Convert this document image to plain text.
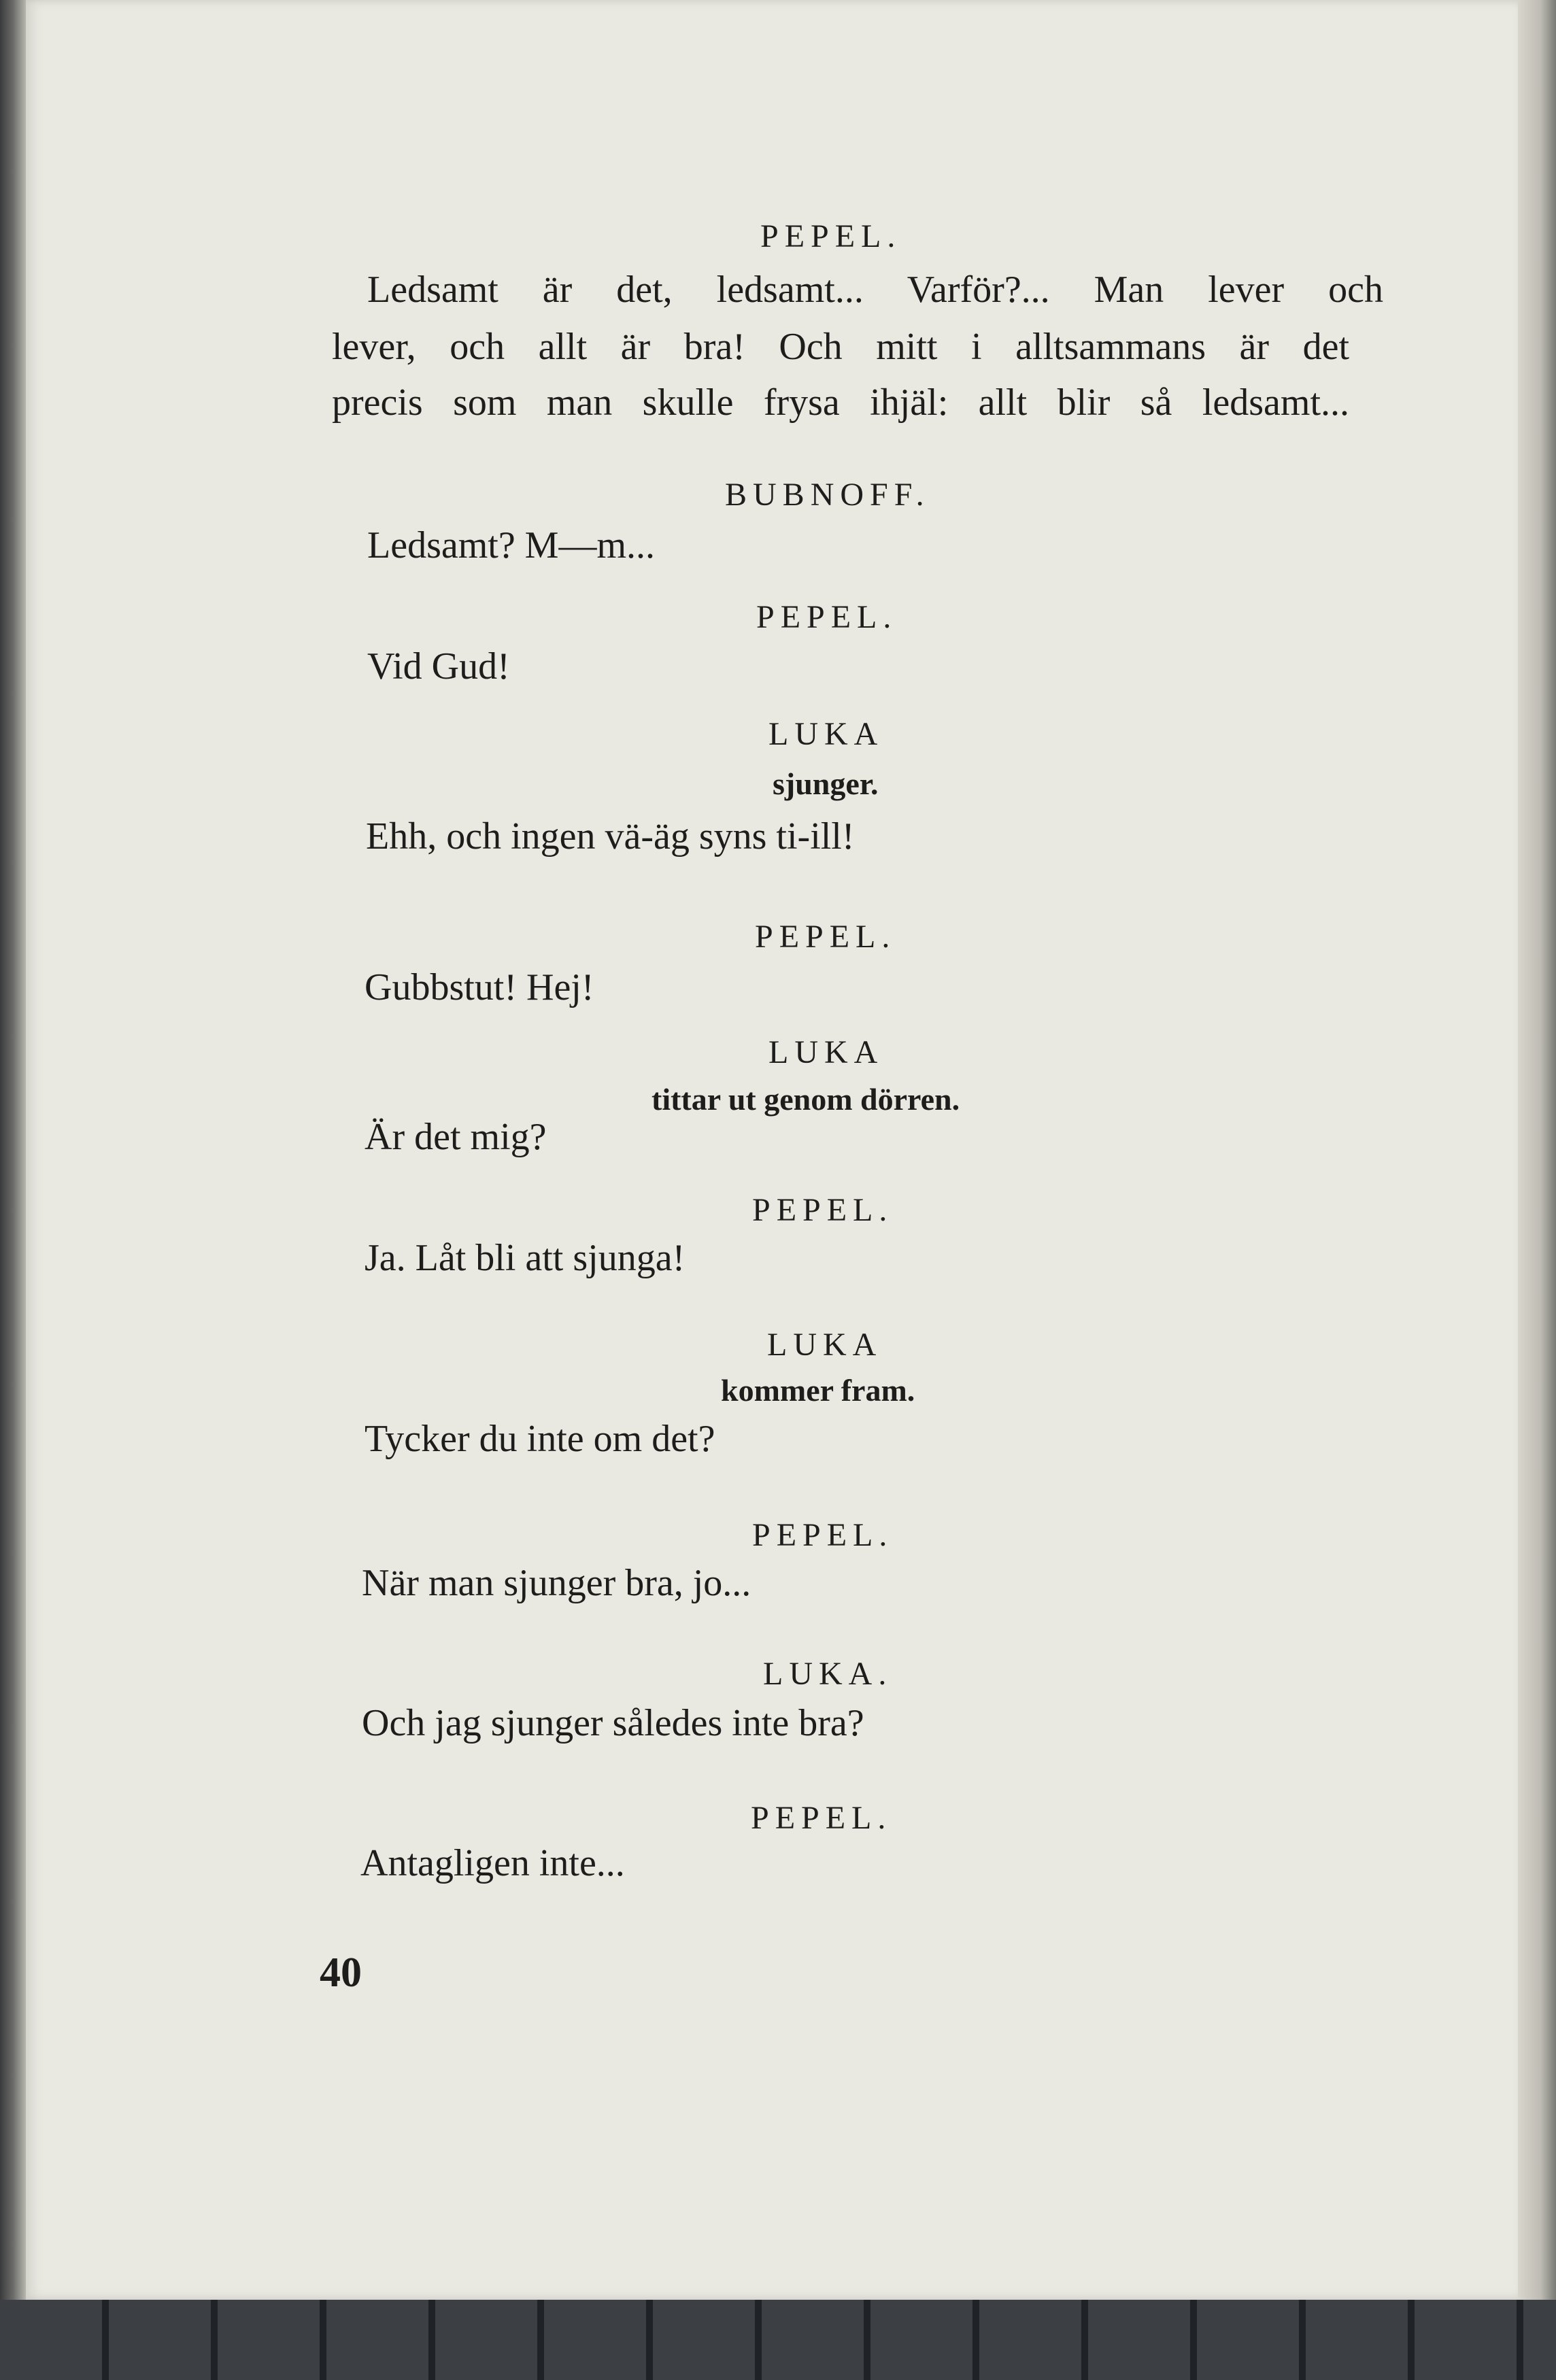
PEPEL.
Ledsamt är det, ledsamt... Varför?... Man lever och
lever, och allt är bra! Och mitt i alltsammans är det
precis som man skulle frysa ihjäl: allt blir så ledsamt...
BUBNOFF.
Ledsamt? M—m...
PEPEL.
Vid Gud!
LUKA
sjunger.
Ehh, och ingen vä-äg syns ti-ill!
PEPEL.
Gubbstut! Hej!
LUKA
tittar ut genom dörren.
Är det mig?
PEPEL.
Ja. Låt bli att sjunga!
LUKA
kommer fram.
Tycker du inte om det?
PEPEL.
När man sjunger bra, jo...
LUKA.
Och jag sjunger således inte bra?
PEPEL.
Antagligen inte...
40
